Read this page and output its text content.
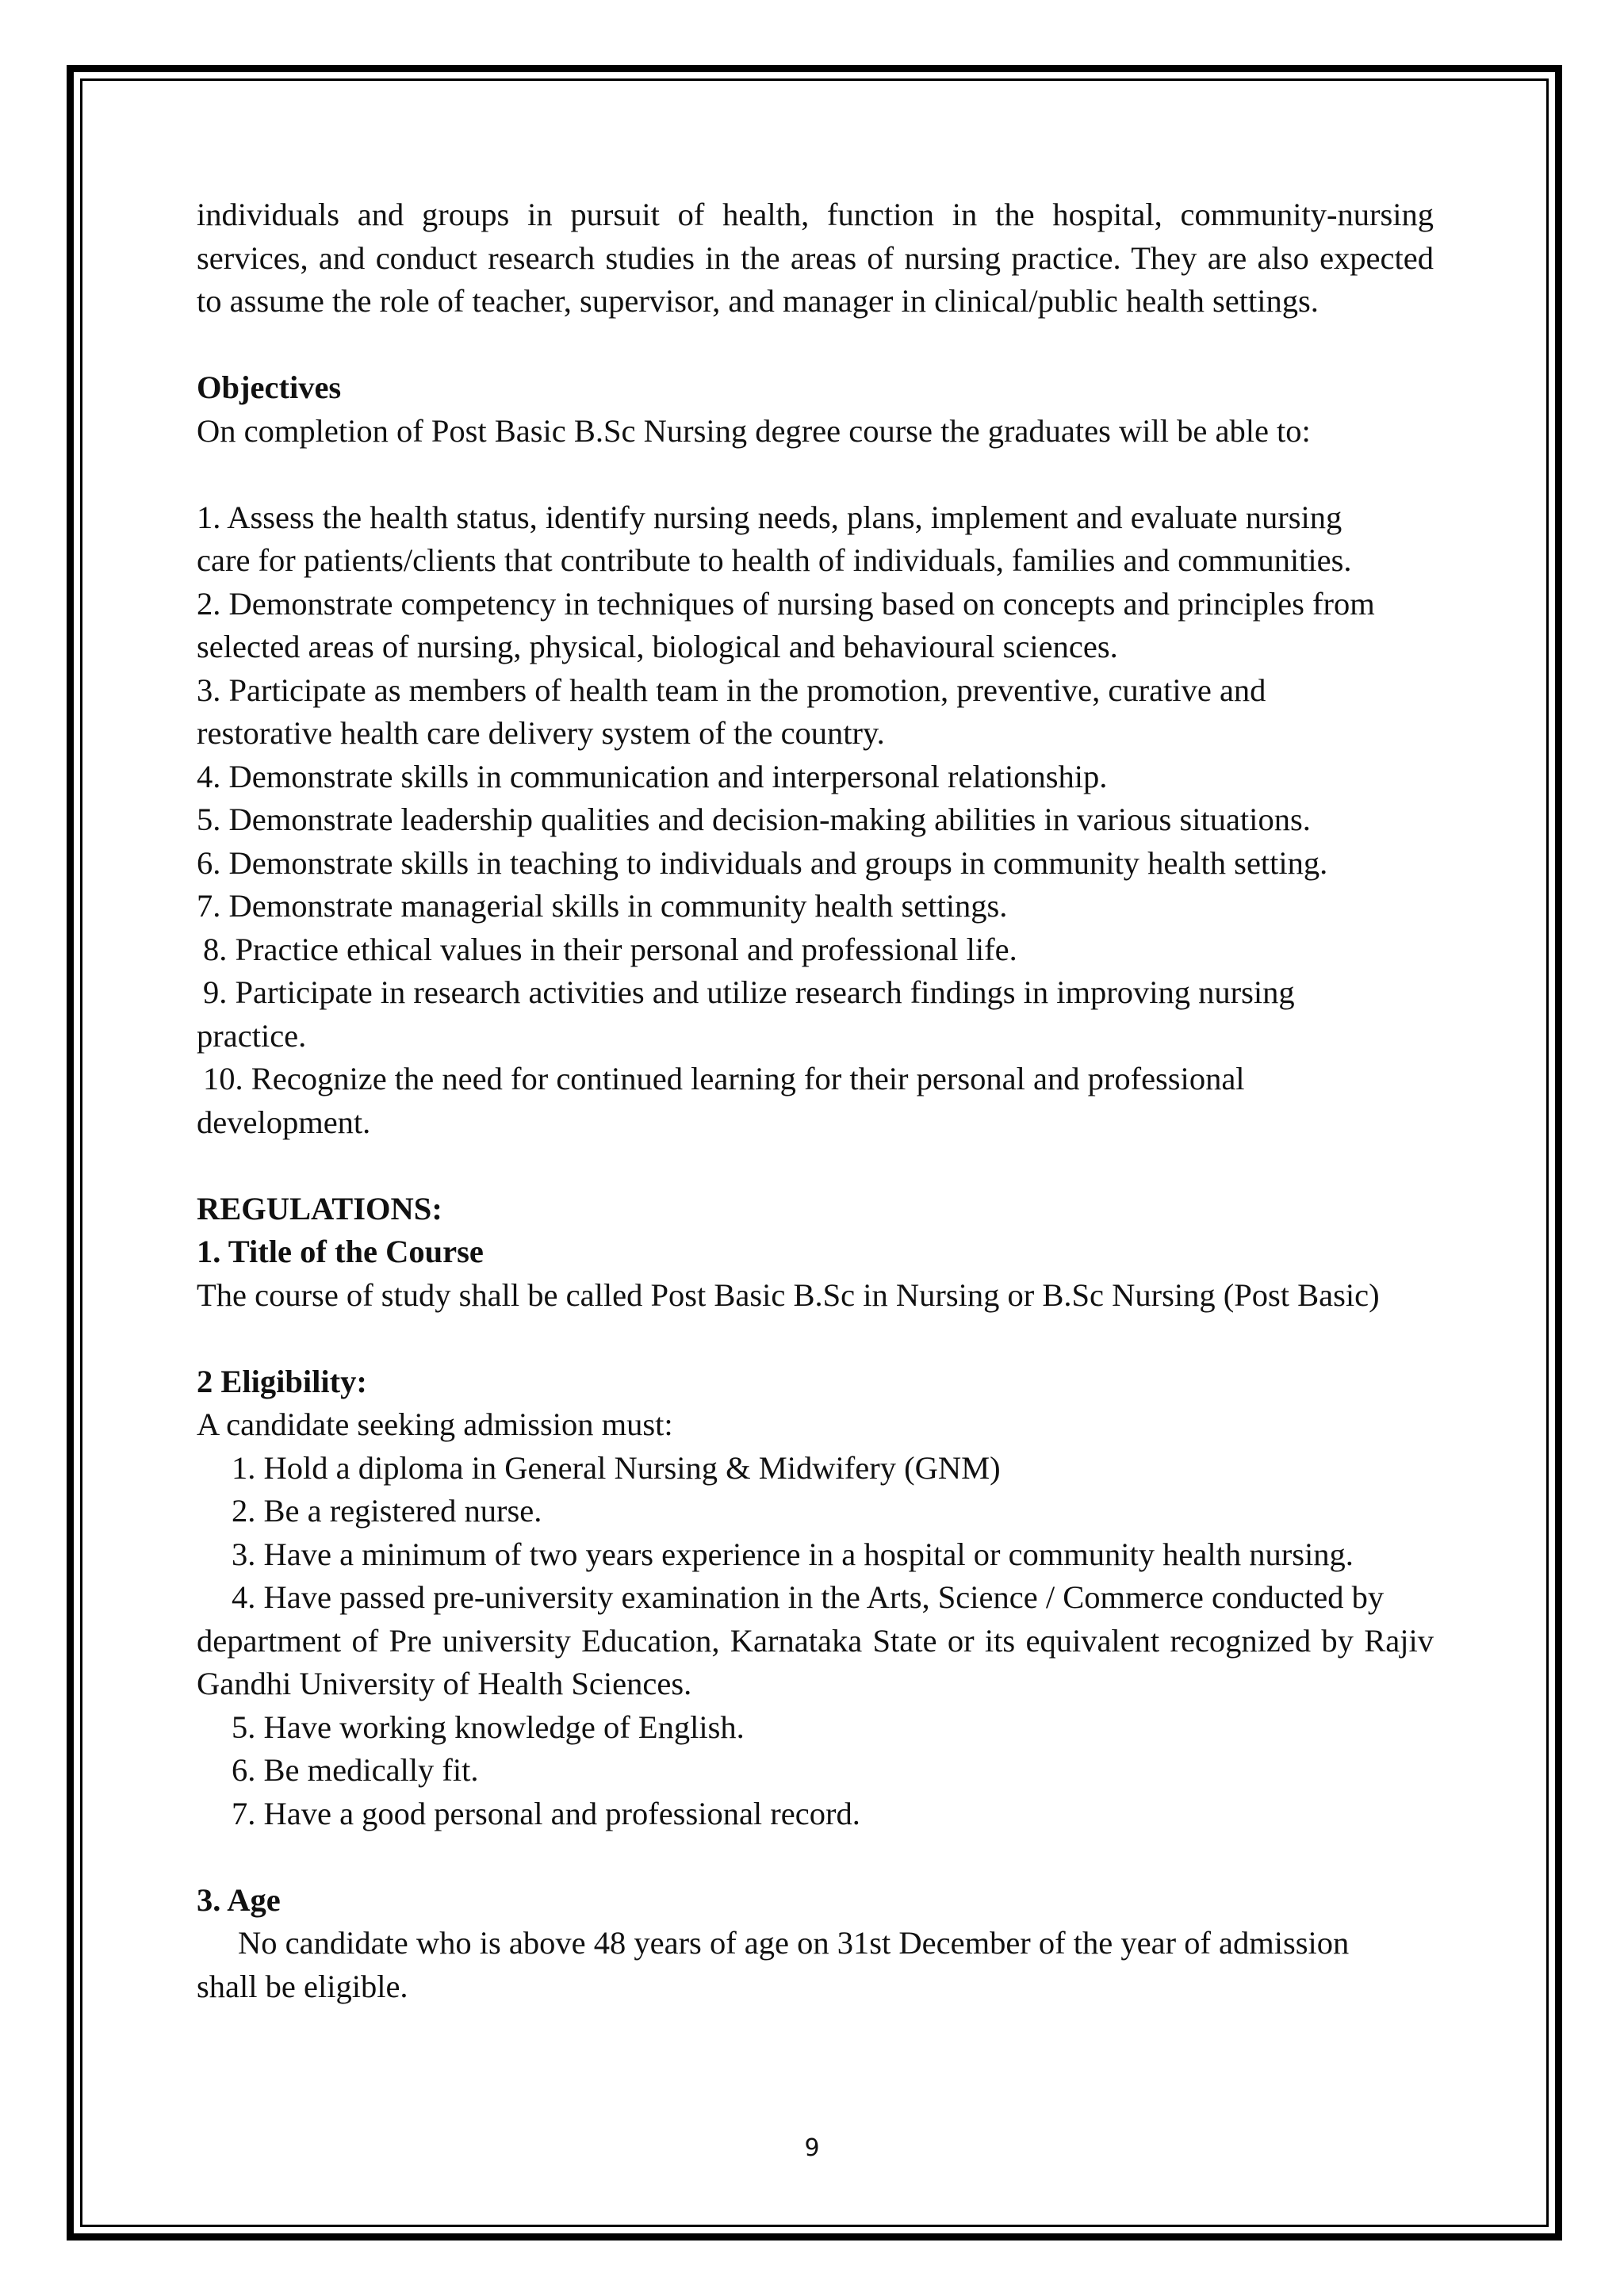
individuals and groups in pursuit of health, function in the hospital, community-nursing

services, and conduct research studies in the areas of nursing practice. They are also expected

to assume the role of teacher, supervisor, and manager in clinical/public health settings.

Objectives

On completion of Post Basic B.Sc Nursing degree course the graduates will be able to:

1. Assess the health status, identify nursing needs, plans, implement and evaluate nursing

care for patients/clients that contribute to health of individuals, families and communities.

2. Demonstrate competency in techniques of nursing based on concepts and principles from

selected areas of nursing, physical, biological and behavioural sciences.

3. Participate as members of health team in the promotion, preventive, curative and

restorative health care delivery system of the country.

4. Demonstrate skills in communication and interpersonal relationship.

5. Demonstrate leadership qualities and decision-making abilities in various situations.

6. Demonstrate skills in teaching to individuals and groups in community health setting.

7. Demonstrate managerial skills in community health settings.

8. Practice ethical values in their personal and professional life.

9. Participate in research activities and utilize research findings in improving nursing

practice.

10. Recognize the need for continued learning for their personal and professional

development.

REGULATIONS:

1. Title of the Course

The course of study shall be called Post Basic B.Sc in Nursing or B.Sc Nursing (Post Basic)

2 Eligibility:

A candidate seeking admission must:

1. Hold a diploma in General Nursing & Midwifery (GNM)

2. Be a registered nurse.

3. Have a minimum of two years experience in a hospital or community health nursing.

4. Have passed pre-university examination in the Arts, Science / Commerce conducted by

department of Pre university Education, Karnataka State or its equivalent recognized by Rajiv

Gandhi University of Health Sciences.

5. Have working knowledge of English.

6. Be medically fit.

7. Have a good personal and professional record.

3. Age

No candidate who is above 48 years of age on 31st December of the year of admission

shall be eligible.

9
